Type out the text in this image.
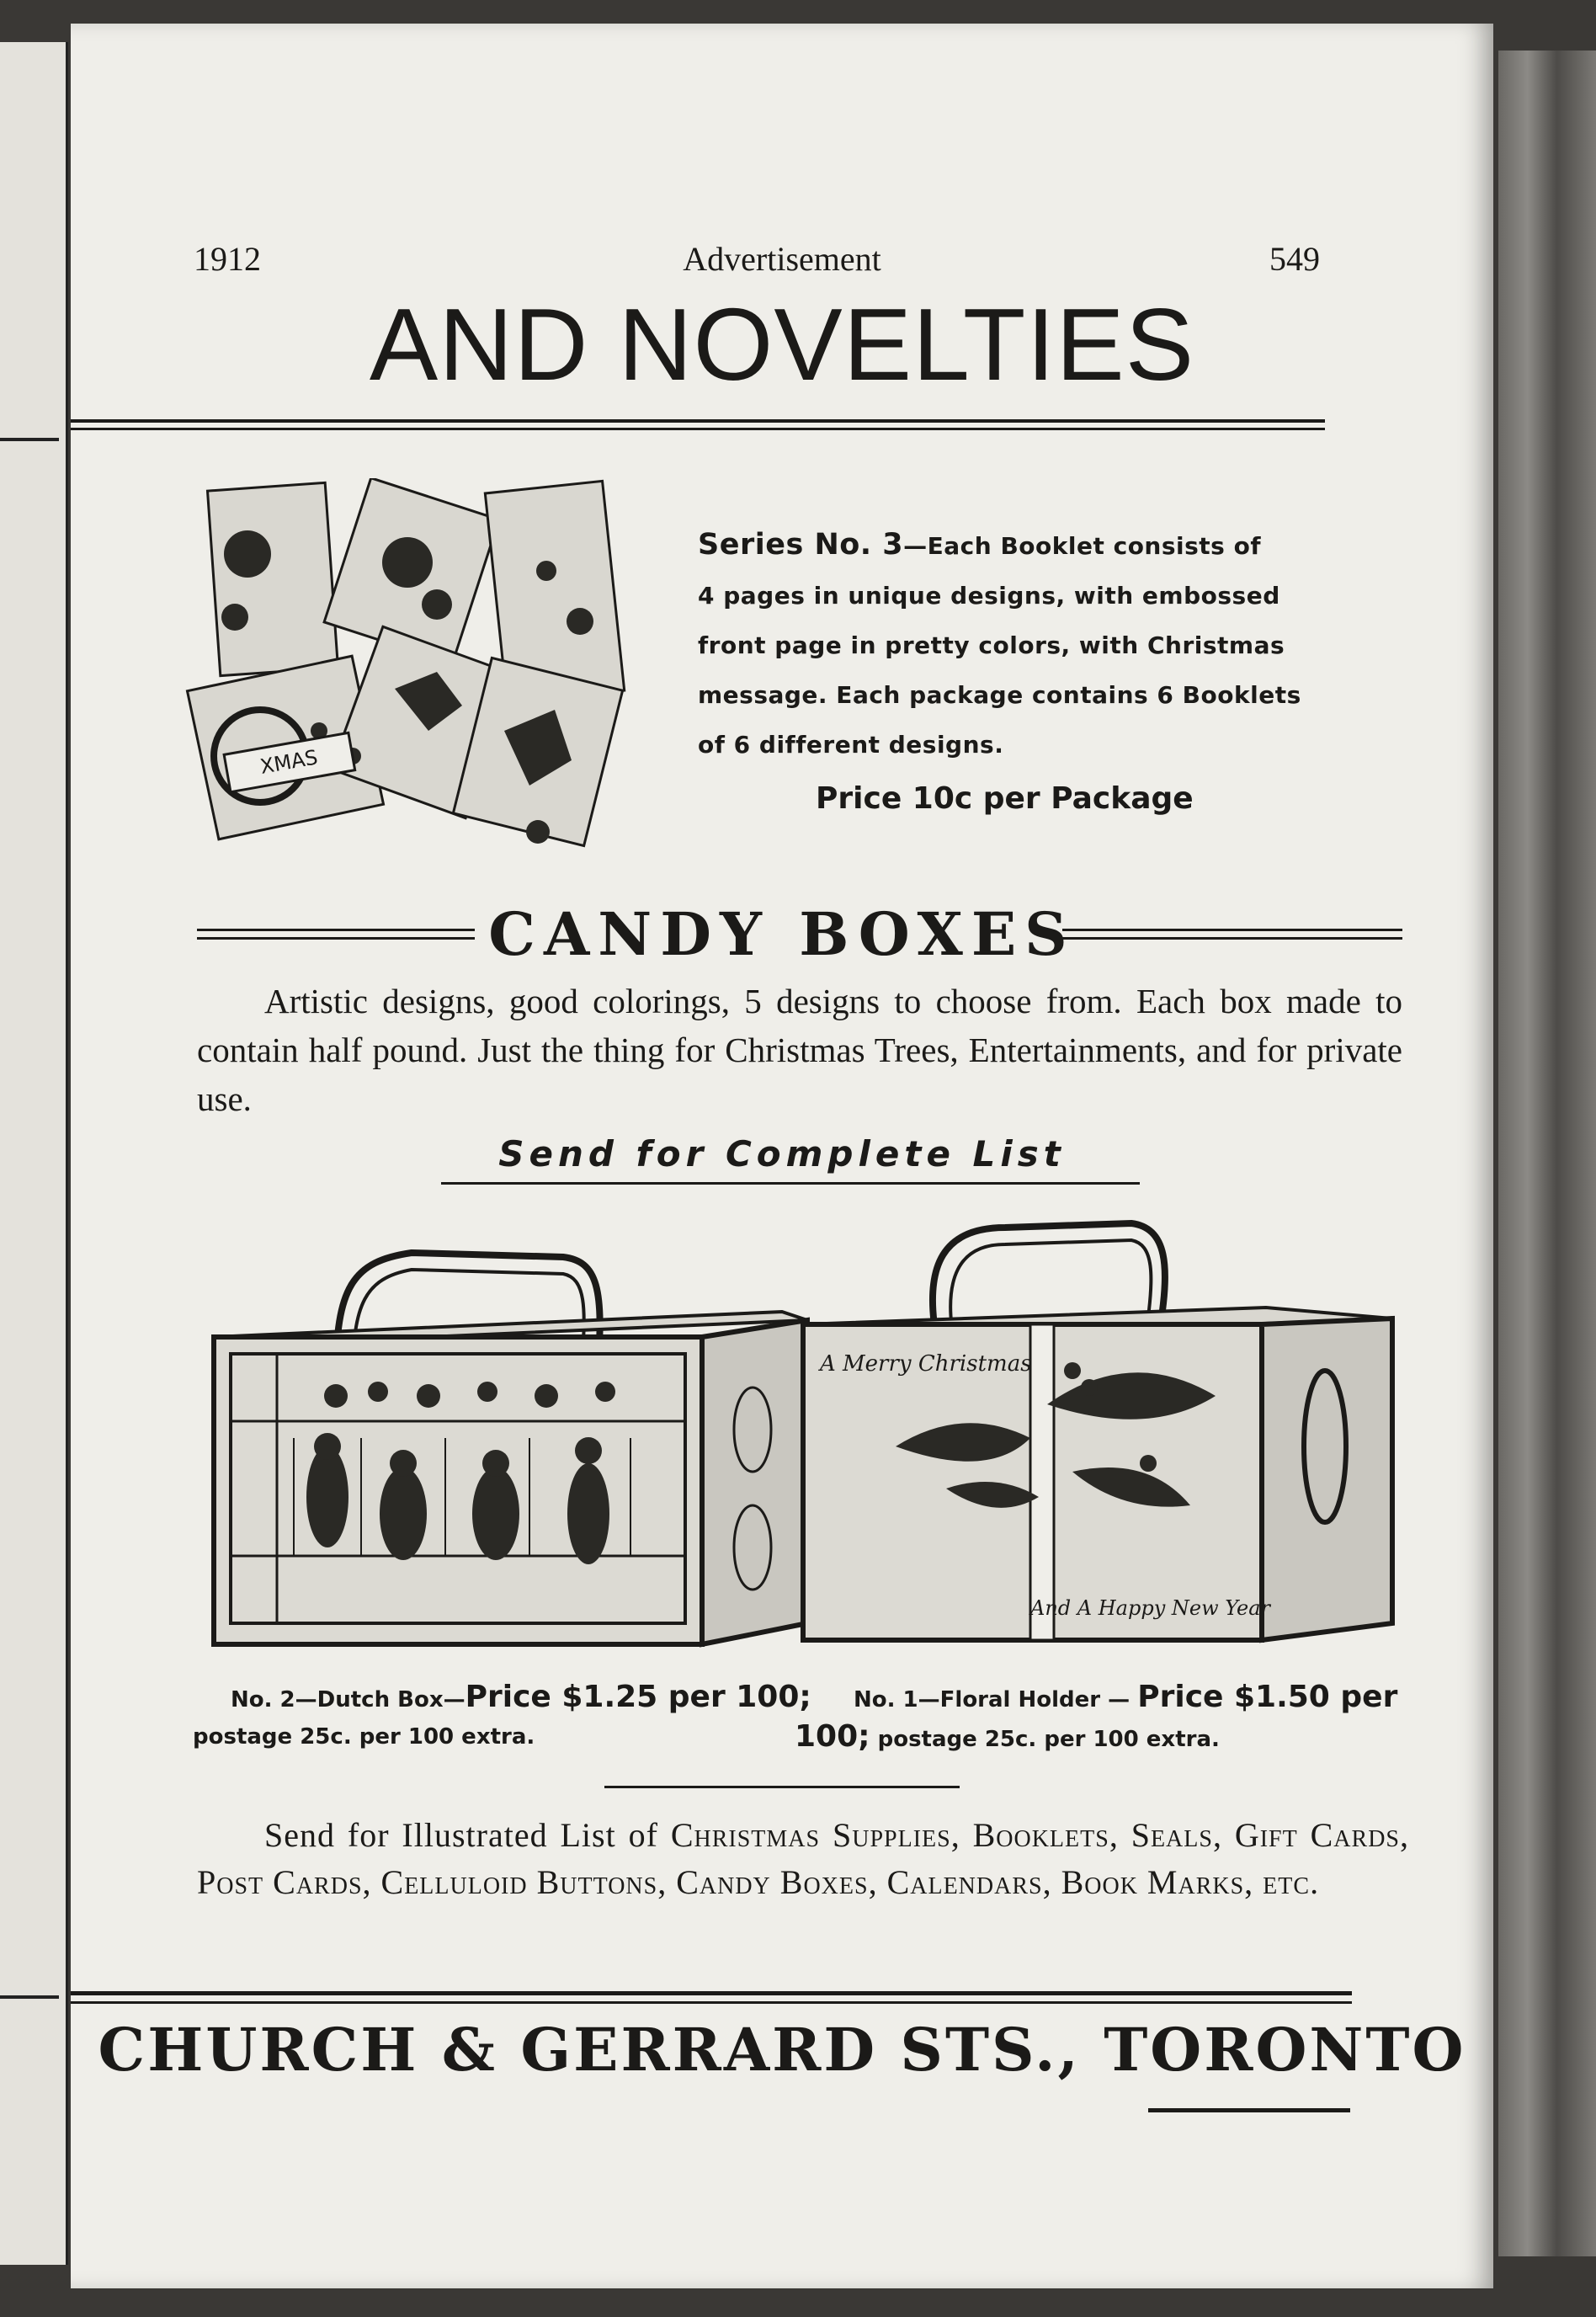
1912	Advertisement	549
AND NOVELTIES
XMAS
Series No. 3—Each Booklet consists of
4 pages in unique designs, with embossed
front page in pretty colors, with Christmas
message. Each package contains 6 Booklets
of 6 different designs.
Price 10c per Package
CANDY BOXES
Artistic designs, good colorings, 5 designs to choose from. Each box made to contain half pound. Just the thing for Christmas Trees, Entertainments, and for private use.
Send for Complete List
A Merry Christmas
And A Happy New Year
No. 2—Dutch Box—Price $1.25 per 100; postage 25c. per 100 extra.
No. 1—Floral Holder — Price $1.50 per 100; postage 25c. per 100 extra.
Send for Illustrated List of Christmas Supplies, Booklets, Seals, Gift Cards, Post Cards, Celluloid Buttons, Candy Boxes, Calendars, Book Marks, etc.
CHURCH & GERRARD STS., TORONTO
